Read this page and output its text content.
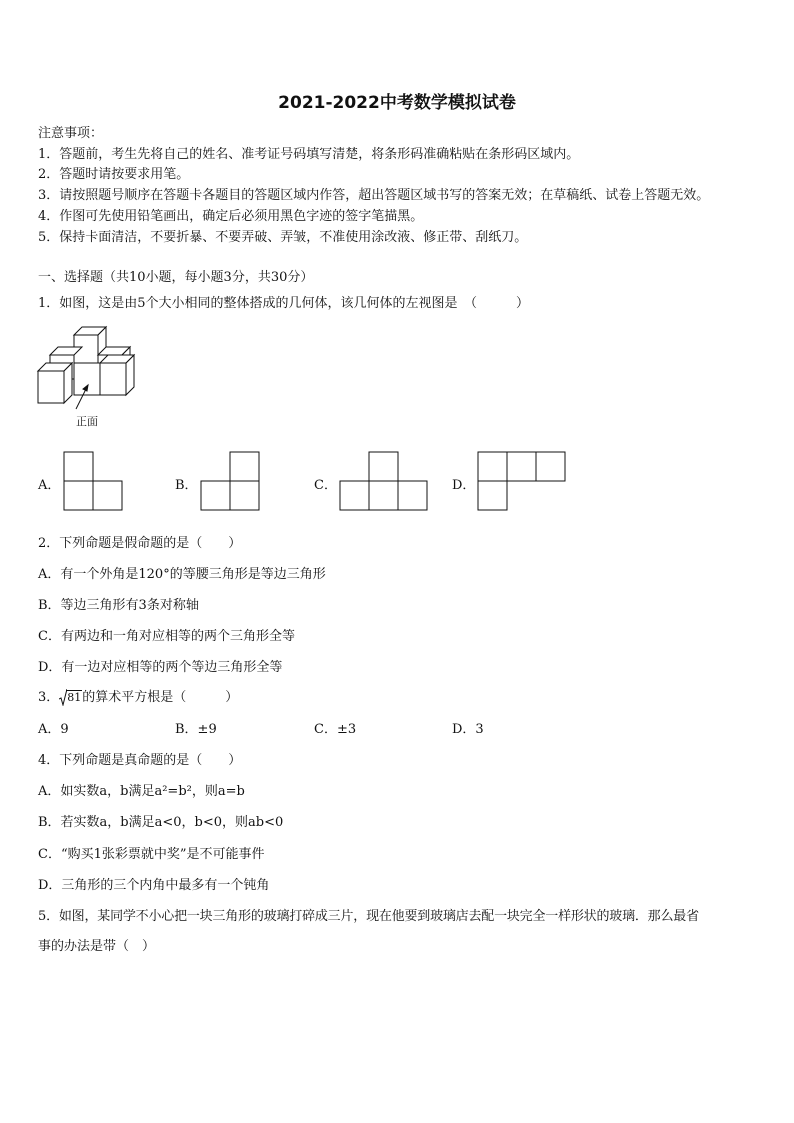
2021-2022中考数学模拟试卷
注意事项：
1．答题前，考生先将自己的姓名、准考证号码填写清楚，将条形码准确粘贴在条形码区域内。
2．答题时请按要求用笔。
3．请按照题号顺序在答题卡各题目的答题区域内作答，超出答题区域书写的答案无效；在草稿纸、试卷上答题无效。
4．作图可先使用铅笔画出，确定后必须用黑色字迹的签字笔描黑。
5．保持卡面清洁，不要折暴、不要弄破、弄皱，不准使用涂改液、修正带、刮纸刀。
一、选择题（共10小题，每小题3分，共30分）
1．如图，这是由5个大小相同的整体搭成的几何体，该几何体的左视图是　（　　　）
正面
A．	B．	C．	D．
2．下列命题是假命题的是（　　）
A．有一个外角是120°的等腰三角形是等边三角形
B．等边三角形有3条对称轴
C．有两边和一角对应相等的两个三角形全等
D．有一边对应相等的两个等边三角形全等
3． 81的算术平方根是（　　　）
A．9	B．±9	C．±3	D．3
4．下列命题是真命题的是（　　）
A．如实数a，b满足a²=b²，则a=b
B．若实数a，b满足a<0，b<0，则ab<0
C．“购买1张彩票就中奖”是不可能事件
D．三角形的三个内角中最多有一个钝角
5．如图，某同学不小心把一块三角形的玻璃打碎成三片，现在他要到玻璃店去配一块完全一样形状的玻璃．那么最省
事的办法是带（　）
